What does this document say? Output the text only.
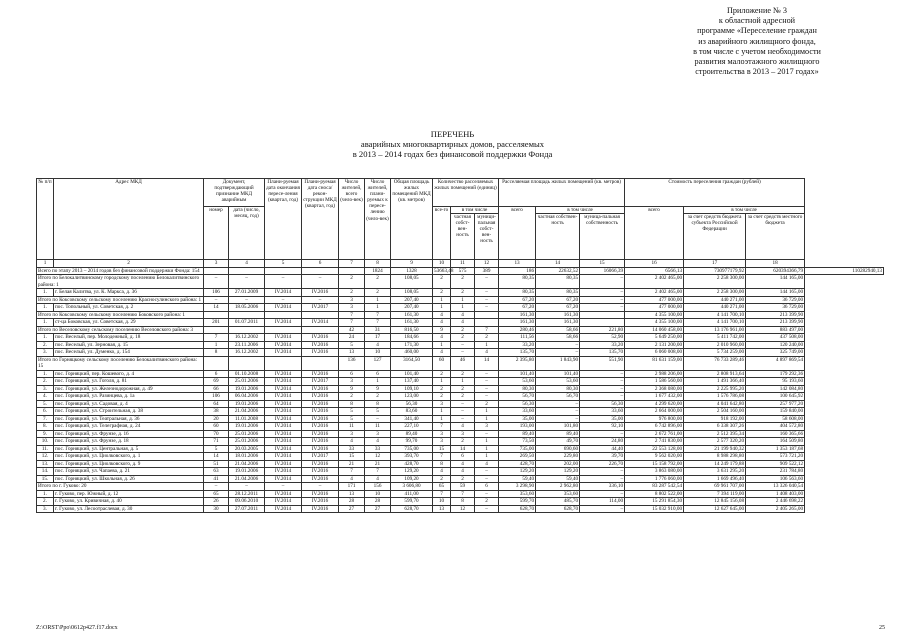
Приложение № 3
к областной адресной
программе «Переселение граждан
из аварийного жилищного фонда,
в том числе с учетом необходимости
развития малоэтажного жилищного
строительства в 2013 – 2017 годах»
ПЕРЕЧЕНЬ
аварийных многоквартирных домов, расселяемых
в 2013 – 2014 годах без финансовой поддержки Фонда
№ п/п	Адрес МКД	Документ, подтверждающий признание МКД аварийным		Плани-руемая дата окончания пересе-ления (квартал, год)	Плани-руемая дата сноса/ рекон-струкции МКД (квартал, год)	Число жителей, всего (чело-век)	Число жителей, плани-руемых к пересе-лению (чело-век)	Общая площадь жилых помещений МКД (кв. метров)	Количество расселяемых жилых помещений (единиц)			Расселяемая площадь жилых помещений (кв. метров)			Стоимость переселения граждан (рублей)			
		номер	дата (число, месяц, год)						все-го	в том числе		всего	в том числе		всего	в том числе		
										частная собст-вен-ность	муници-пальная собст-вен-ность		частная собствен-ность	муница-пальная собственность		за счет средств бюджета субъекта Российской Федерации	за счет средств местного бюджета	
1	2	3	4	5	6	7	8	9	10	11	12	13	14	15	16	17	18	
Всего по этапу 2013 – 2014 годов без финансовой поддержки Фонда: 154							1824	1328	53663,48	575	389	186	22632,52	16066,39	6566,13	730977179,92	620394366,79	110282940,13
Итого по Белокалитвинскому городскому поселению Белокалитвинского района: 1		–	–	–	–	2	2	108,05	2	2	–	80,35	80,35	–	2 402 465,00	2 258 300,00	144 165,00	
1.	г. Белая Калитва, ул. К. Маркса, д. 36	106	27.01.2009	IV.2014	IV.2016	2	2	108,05	2	2	–	80,35	80,35	–	2 402 465,00	2 258 300,00	144 165,00	
Итого по Коксовскому сельскому поселению Красносулинского района: 1		–	–	–	–	3	1	207,40	1	1	–	67,20	67,20	–	477 000,00	440 271,00	36 729,00	
1.	пос. Топольный, ул. Советская, д. 2	14	18.05.2006	IV.2014	IV.2017	3	1	207,40	1	1	–	67,20	67,20	–	477 000,00	440 271,00	36 729,00	
Итого по Коксовскому сельскому поселению Боковского района: 1						7	7	161,30	4	4		161,30	161,30		4 355 100,00	4 141 700,10	213 399,90	
1.	ст-ца Боковская, ул. Советская, д. 29	201	01.07.2011	IV.2014	IV.2014	7	7	161,30	4	4		161,30	161,30		4 355 100,00	4 141 700,10	213 399,90	
Итого по Веселовскому сельскому поселению Веселовского района: 3						42	31	816,50	9	2	7	280,46	58,66	221,80	14 060 458,00	13 176 961,00	883 497,00	
1.	пос. Веселый, пер. Молодежный, д. 18	7	16.12.2002	IV.2014	IV.2016	24	17	184,66	4	2	2	111,56	58,66	52,90	5 649 250,00	5 411 742,00	437 508,00	
2.	пос. Веселый, ул. Зерновая, д. 15	1	23.11.2006	IV.2014	IV.2016	5	4	171,30	1	–	1	33,20	–	33,20	2 131 200,00	2 010 960,00	120 240,00	
3.	пос. Веселый, ул. Думенко, д. 154	8	16.12.2002	IV.2014	IV.2016	13	10	460,00	4	–	4	135,70	–	135,70	6 060 008,00	5 734 259,00	325 749,00	
Итого по Горняцкому сельскому поселению Белокалитвинского района: 15						136	127	3164,50	60	46	14	2 395,80	1 843,90	551,90	81 631 159,00	76 733 289,46	4 897 869,54	
1.	пос. Горняцкий, пер. Кошевого, д. 4	6	01.10.2008	IV.2014	IV.2016	6	6	101,40	2	2	–	101,40	101,40	–	2 988 206,00	2 808 913,64	179 292,36	
2.	пос. Горняцкий, ул. Гоголя, д. 81	69	25.01.2006	IV.2014	IV.2017	3	1	137,40	1	1	–	53,60	53,60	–	1 586 560,00	1 491 366,40	95 193,60	
3.	пос. Горняцкий, ул. Железнодорожная, д. 49	66	19.01.2006	IV.2014	IV.2016	9	9	109,10	2	2	–	80,30	80,30	–	2 368 080,00	2 225 995,20	142 084,80	
4.	пос. Горняцкий, ул. Разинцева, д. 1а	106	06.04.2006	IV.2014	IV.2016	2	2	123,00	2	2	–	56,70	56,70	–	1 677 432,00	1 576 786,08	100 645,92	
5.	пос. Горняцкий, ул. Садовая, д. 4	64	19.01.2006	IV.2014	IV.2016	8	8	56,30	3	–	2	56,30	–	56,30	4 299 620,00	4 041 642,80	257 977,20	
6.	пос. Горняцкий, ул. Строительная, д. 38	38	21.04.2006	IV.2014	IV.2016	5	5	83,60	1	–	1	33,60	–	33,60	2 664 000,00	2 504 160,00	159 840,00	
7.	пос. Горняцкий, ул. Театральная, д. 36	20	11.01.2008	IV.2014	IV.2016	5	–	341,40	1	–	1	35,00	–	35,00	976 800,00	918 192,00	58 608,00	
8.	пос. Горняцкий, ул. Телеграфная, д. 24	60	19.01.2006	IV.2014	IV.2016	11	11	227,10	7	4	3	193,00	101,80	92,10	6 742 896,00	6 338 307,26	404 572,80	
9.	пос. Горняцкий, ул. Фрунзе, д. 16	70	25.01.2006	IV.2014	IV.2016	3	3	89,40	3	3	–	89,40	89,40	–	2 672 761,00	2 512 395,34	160 365,66	
10.	пос. Горняцкий, ул. Фрунзе, д. 18	71	25.01.2006	IV.2014	IV.2016	4	4	99,70	3	2	1	73,50	49,70	24,80	2 741 830,00	2 577 320,20	164 509,80	
11.	пос. Горняцкий, ул. Центральная, д. 5	5	20.03.2005	IV.2014	IV.2016	33	33	735,00	15	14	1	735,00	690,60	44,40	22 553 128,00	21 199 940,32	1 353 187,68	
12.	пос. Горняцкий, ул. Циолковского, д. 1	14	18.01.2006	IV.2014	IV.2017	15	12	393,70	7	6	1	269,50	229,80	39,70	9 562 020,00	8 988 298,80	573 721,20	
13.	пос. Горняцкий, ул. Циолковского, д. 9	51	21.04.2006	IV.2014	IV.2016	21	21	428,70	8	4	4	428,70	202,00	226,70	15 158 792,00	14 249 179,88	909 522,12	
14.	пос. Горняцкий, ул. Чапаева, д. 21	63	19.01.2006	IV.2014	IV.2016	7	7	129,20	4	4	–	129,20	129,20	–	3 863 080,00	3 631 295,20	231 784,80	
15.	пос. Горняцкий, ул. Школьная, д. 26	41	21.04.2006	IV.2014	IV.2016	4	4	109,20	2	2	–	59,40	59,40	–	1 776 060,00	1 669 496,40	106 563,60	
Итого по г. Гуково: 20		–	–	–	–	171	156	3 606,80	65	59	6	3 298,90	2 962,80	336,10	83 287 542,54	69 961 707,00	13 326 040,54	
1.	г. Гуково, пер. Южный, д. 12	65	28.12.2011	IV.2014	IV.2016	13	10	411,00	7	7	–	353,60	353,60	–	8 802 522,00	7 394 119,00	1 408 403,00	
2.	г. Гуково, ул. Кривичная, д. 40	26	09.06.2010	IV.2014	IV.2016	28	28	599,70	10	8	2	599,70	485,70	114,00	15 291 854,30	12 845 156,08	2 446 698,22	
3.	г. Гуково, ул. Лесоотраслевая, д. 30	30	27.07.2011	IV.2014	IV.2016	27	27	628,70	13	12	–	628,70	628,70	–	15 032 910,00	12 627 645,00	2 405 265,00	
Z:\ORST\Ppo\0612p427.f17.docx	25
